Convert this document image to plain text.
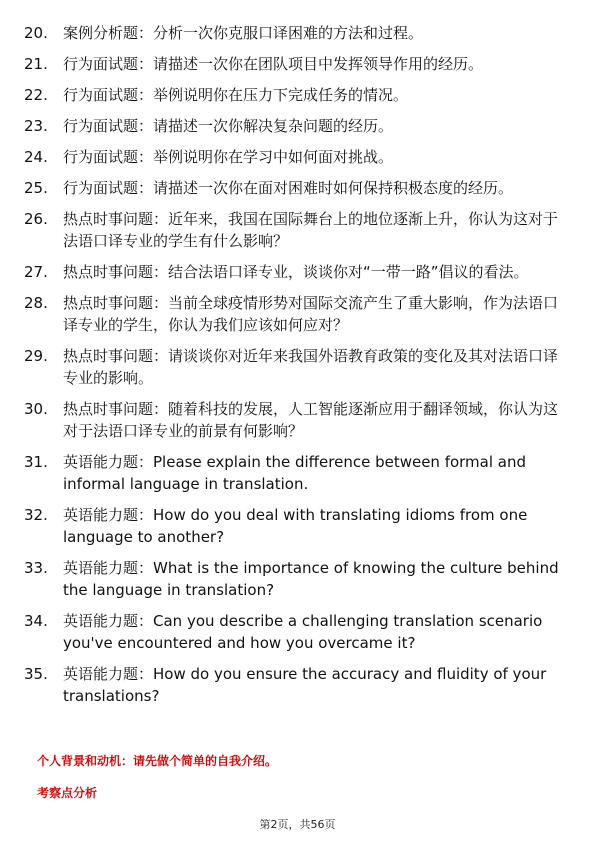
20.	案例分析题：分析一次你克服口译困难的方法和过程。
21.	行为面试题：请描述一次你在团队项目中发挥领导作用的经历。
22.	行为面试题：举例说明你在压力下完成任务的情况。
23.	行为面试题：请描述一次你解决复杂问题的经历。
24.	行为面试题：举例说明你在学习中如何面对挑战。
25.	行为面试题：请描述一次你在面对困难时如何保持积极态度的经历。
26.	热点时事问题：近年来，我国在国际舞台上的地位逐渐上升，你认为这对于法语口译专业的学生有什么影响？
27.	热点时事问题：结合法语口译专业，谈谈你对“一带一路”倡议的看法。
28.	热点时事问题：当前全球疫情形势对国际交流产生了重大影响，作为法语口译专业的学生，你认为我们应该如何应对？
29.	热点时事问题：请谈谈你对近年来我国外语教育政策的变化及其对法语口译专业的影响。
30.	热点时事问题：随着科技的发展，人工智能逐渐应用于翻译领域，你认为这对于法语口译专业的前景有何影响？
31.	英语能力题：Please explain the difference between formal and informal language in translation.
32.	英语能力题：How do you deal with translating idioms from one language to another?
33.	英语能力题：What is the importance of knowing the culture behind the language in translation?
34.	英语能力题：Can you describe a challenging translation scenario you've encountered and how you overcame it?
35.	英语能力题：How do you ensure the accuracy and fluidity of your translations?
个人背景和动机：请先做个简单的自我介绍。
考察点分析
第2页，共56页
